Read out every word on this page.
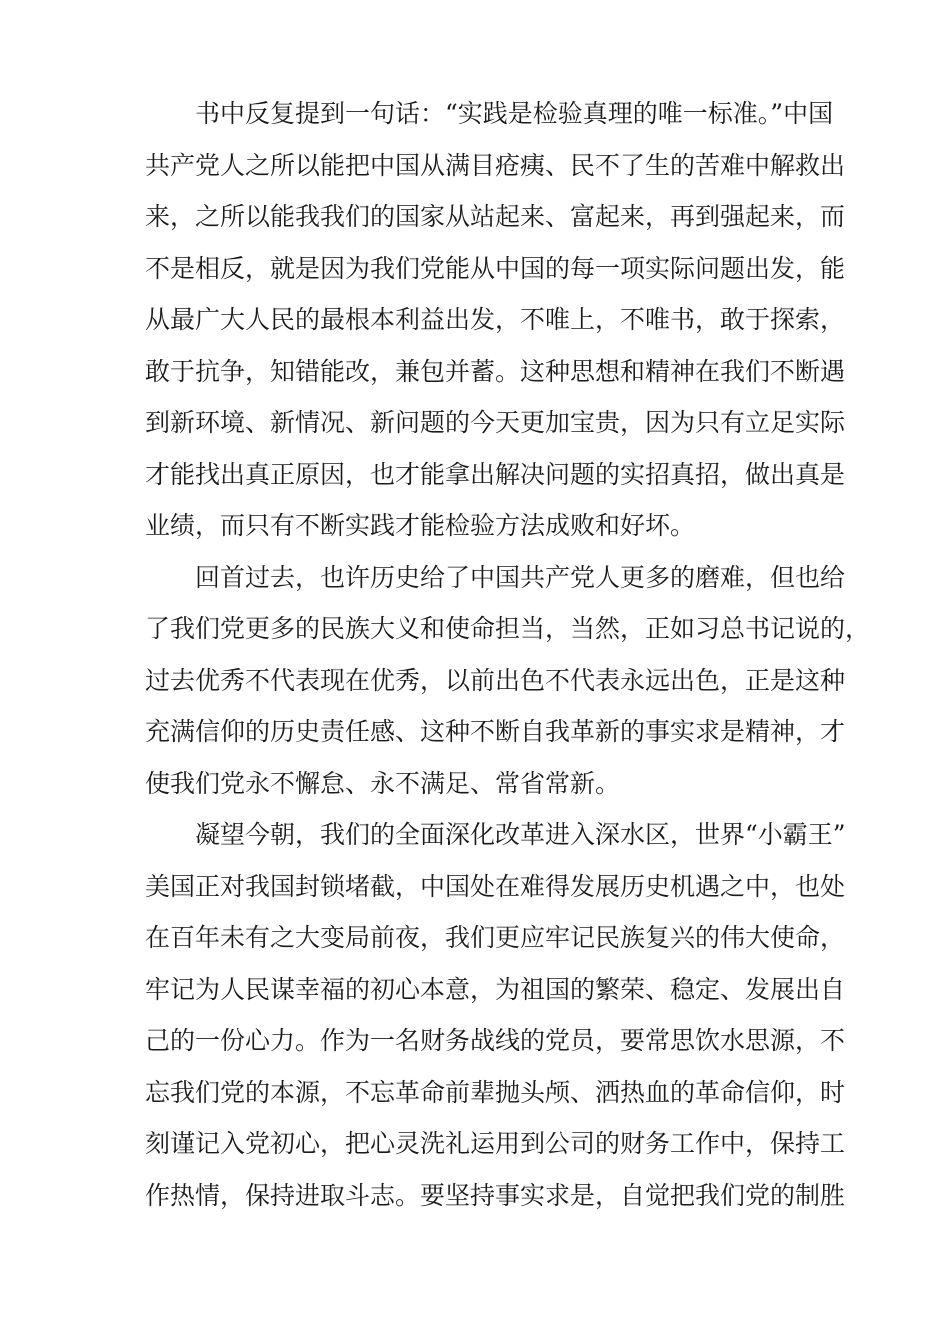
书中反复提到一句话：“实践是检验真理的唯一标准。”中国
共产党人之所以能把中国从满目疮痍、民不了生的苦难中解救出
来，之所以能我我们的国家从站起来、富起来，再到强起来，而
不是相反，就是因为我们党能从中国的每一项实际问题出发，能
从最广大人民的最根本利益出发，不唯上，不唯书，敢于探索，
敢于抗争，知错能改，兼包并蓄。这种思想和精神在我们不断遇
到新环境、新情况、新问题的今天更加宝贵，因为只有立足实际
才能找出真正原因，也才能拿出解决问题的实招真招，做出真是
业绩，而只有不断实践才能检验方法成败和好坏。
回首过去，也许历史给了中国共产党人更多的磨难，但也给
了我们党更多的民族大义和使命担当，当然，正如习总书记说的，
过去优秀不代表现在优秀，以前出色不代表永远出色，正是这种
充满信仰的历史责任感、这种不断自我革新的事实求是精神，才
使我们党永不懈怠、永不满足、常省常新。
凝望今朝，我们的全面深化改革进入深水区，世界“小霸王”
美国正对我国封锁堵截，中国处在难得发展历史机遇之中，也处
在百年未有之大变局前夜，我们更应牢记民族复兴的伟大使命，
牢记为人民谋幸福的初心本意，为祖国的繁荣、稳定、发展出自
己的一份心力。作为一名财务战线的党员，要常思饮水思源，不
忘我们党的本源，不忘革命前辈抛头颅、洒热血的革命信仰，时
刻谨记入党初心，把心灵洗礼运用到公司的财务工作中，保持工
作热情，保持进取斗志。要坚持事实求是，自觉把我们党的制胜
